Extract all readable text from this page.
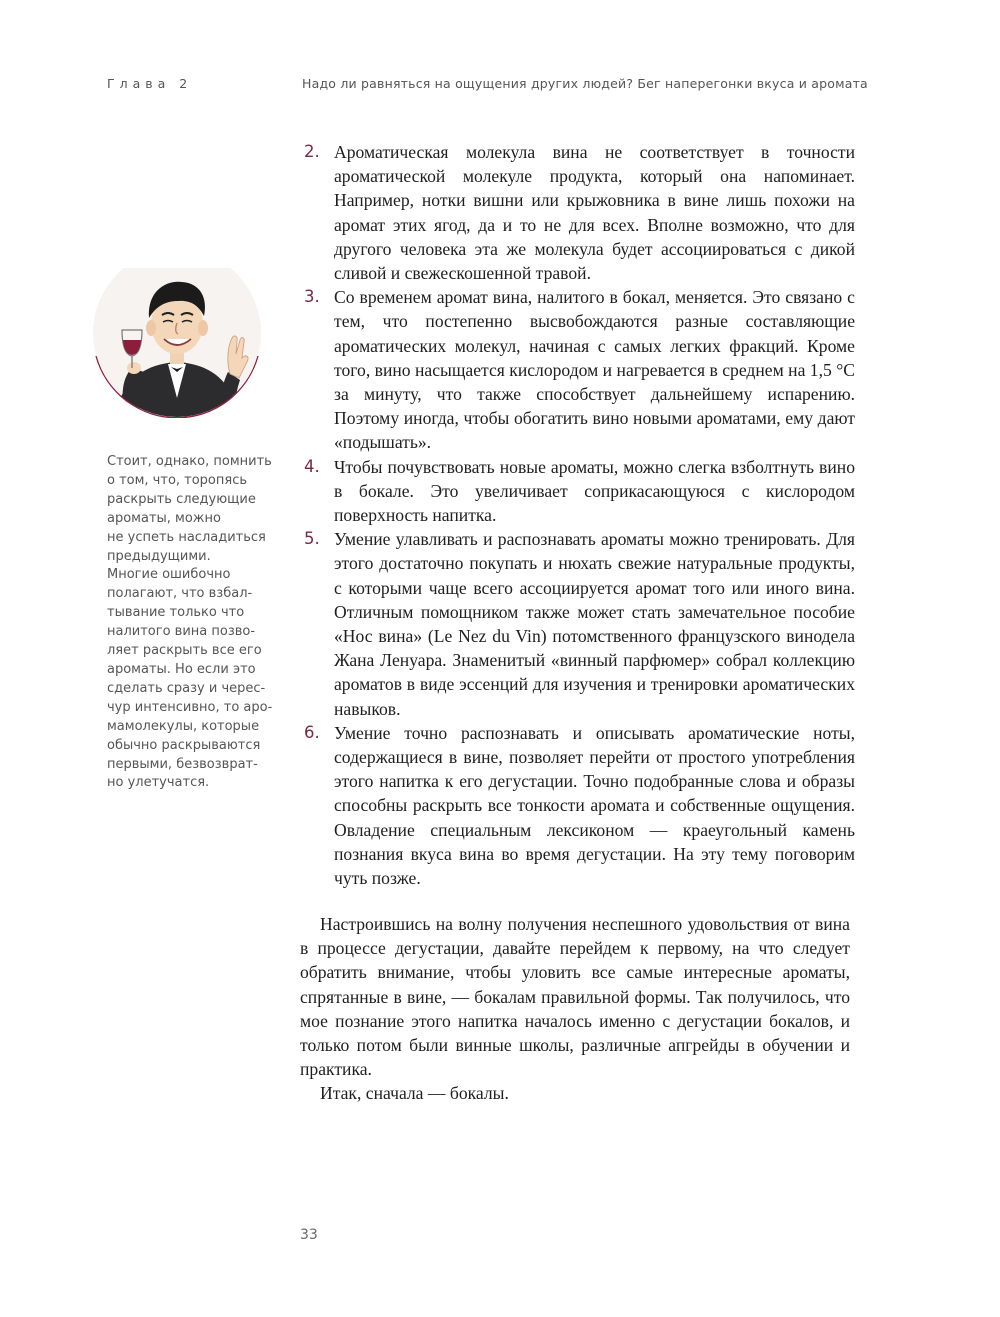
Глава 2	Надо ли равняться на ощущения других людей? Бег наперегонки вкуса и аромата
Стоит, однако, помнить
о том, что, торопясь
раскрыть следующие
ароматы, можно
не успеть насладиться
предыдущими.
Многие ошибочно
полагают, что взбал-
тывание только что
налитого вина позво-
ляет раскрыть все его
ароматы. Но если это
сделать сразу и черес-
чур интенсивно, то аро-
мамолекулы, которые
обычно раскрываются
первыми, безвозврат-
но улетучатся.
2. Ароматическая молекула вина не соответствует в точности ароматической молекуле продукта, который она напоминает. Например, нотки вишни или крыжовника в вине лишь похожи на аромат этих ягод, да и то не для всех. Вполне возможно, что для другого человека эта же молекула будет ассоциироваться с дикой сливой и свежескошенной травой.

3. Со временем аромат вина, налитого в бокал, меняется. Это связано с тем, что постепенно высвобождаются разные составляющие ароматических молекул, начиная с самых легких фракций. Кроме того, вино насыщается кислородом и нагревается в среднем на 1,5 °C за минуту, что также способствует дальнейшему испарению. Поэтому иногда, чтобы обогатить вино новыми ароматами, ему дают «подышать».

4. Чтобы почувствовать новые ароматы, можно слегка взболтнуть вино в бокале. Это увеличивает соприкасающуюся с кислородом поверхность напитка.

5. Умение улавливать и распознавать ароматы можно тренировать. Для этого достаточно покупать и нюхать свежие натуральные продукты, с которыми чаще всего ассоциируется аромат того или иного вина. Отличным помощником также может стать замечательное пособие «Нос вина» (Le Nez du Vin) потомственного французского винодела Жана Ленуара. Знаменитый «винный парфюмер» собрал коллекцию ароматов в виде эссенций для изучения и тренировки ароматических навыков.

6. Умение точно распознавать и описывать ароматические ноты, содержащиеся в вине, позволяет перейти от простого употребления этого напитка к его дегустации. Точно подобранные слова и образы способны раскрыть все тонкости аромата и собственные ощущения. Овладение специальным лексиконом — краеугольный камень познания вкуса вина во время дегустации. На эту тему поговорим чуть позже.

Настроившись на волну получения неспешного удовольствия от вина в процессе дегустации, давайте перейдем к первому, на что следует обратить внимание, чтобы уловить все самые интересные ароматы, спрятанные в вине, — бокалам правильной формы. Так получилось, что мое познание этого напитка началось именно с дегустации бокалов, и только потом были винные школы, различные апгрейды в обучении и практика.

Итак, сначала — бокалы.

33
